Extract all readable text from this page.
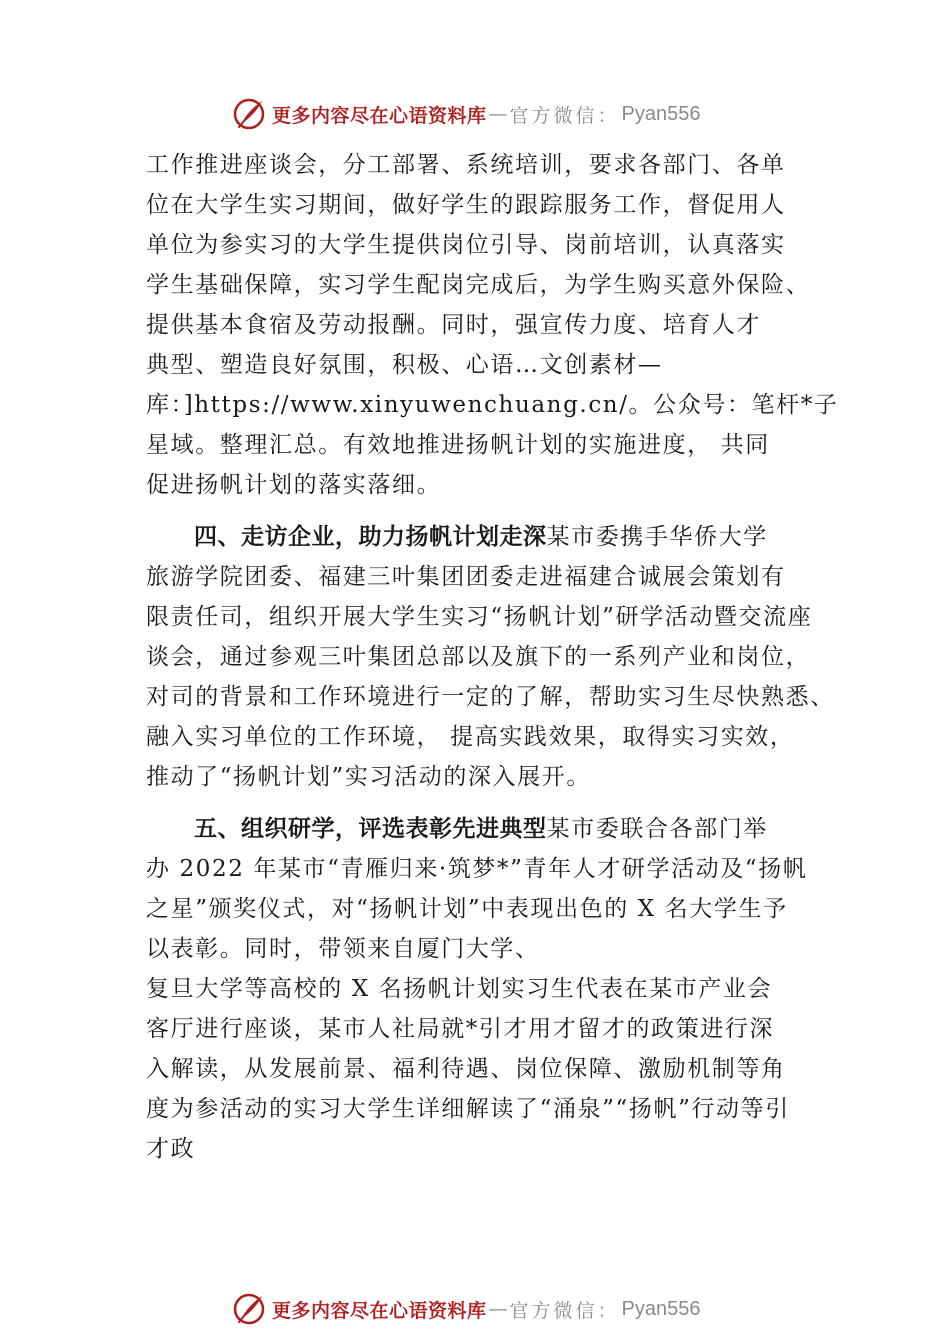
更多内容尽在心语资料库 — 官方微信： Pyan556
工作推进座谈会，分工部署、系统培训，要求各部门、各单
位在大学生实习期间，做好学生的跟踪服务工作，督促用人
单位为参实习的大学生提供岗位引导、岗前培训，认真落实
学生基础保障，实习学生配岗完成后，为学生购买意外保险、
提供基本食宿及劳动报酬。同时，强宣传力度、培育人才
典型、塑造良好氛围，积极、心语…文创素材—
库：]https://www.xinyuwenchuang.cn/。公众号：笔杆*子
星域。整理汇总。有效地推进扬帆计划的实施进度， 共同
促进扬帆计划的落实落细。
四、走访企业，助力扬帆计划走深某市委携手华侨大学
旅游学院团委、福建三叶集团团委走进福建合诚展会策划有
限责任司，组织开展大学生实习“扬帆计划”研学活动暨交流座
谈会，通过参观三叶集团总部以及旗下的一系列产业和岗位，
对司的背景和工作环境进行一定的了解，帮助实习生尽快熟悉、
融入实习单位的工作环境， 提高实践效果，取得实习实效，
推动了“扬帆计划”实习活动的深入展开。
五、组织研学，评选表彰先进典型某市委联合各部门举
办 2022 年某市“青雁归来·筑梦*”青年人才研学活动及“扬帆
之星”颁奖仪式，对“扬帆计划”中表现出色的 X 名大学生予
以表彰。同时，带领来自厦门大学、
复旦大学等高校的 X 名扬帆计划实习生代表在某市产业会
客厅进行座谈，某市人社局就*引才用才留才的政策进行深
入解读，从发展前景、福利待遇、岗位保障、激励机制等角
度为参活动的实习大学生详细解读了“涌泉”“扬帆”行动等引
才政
更多内容尽在心语资料库 — 官方微信： Pyan556
